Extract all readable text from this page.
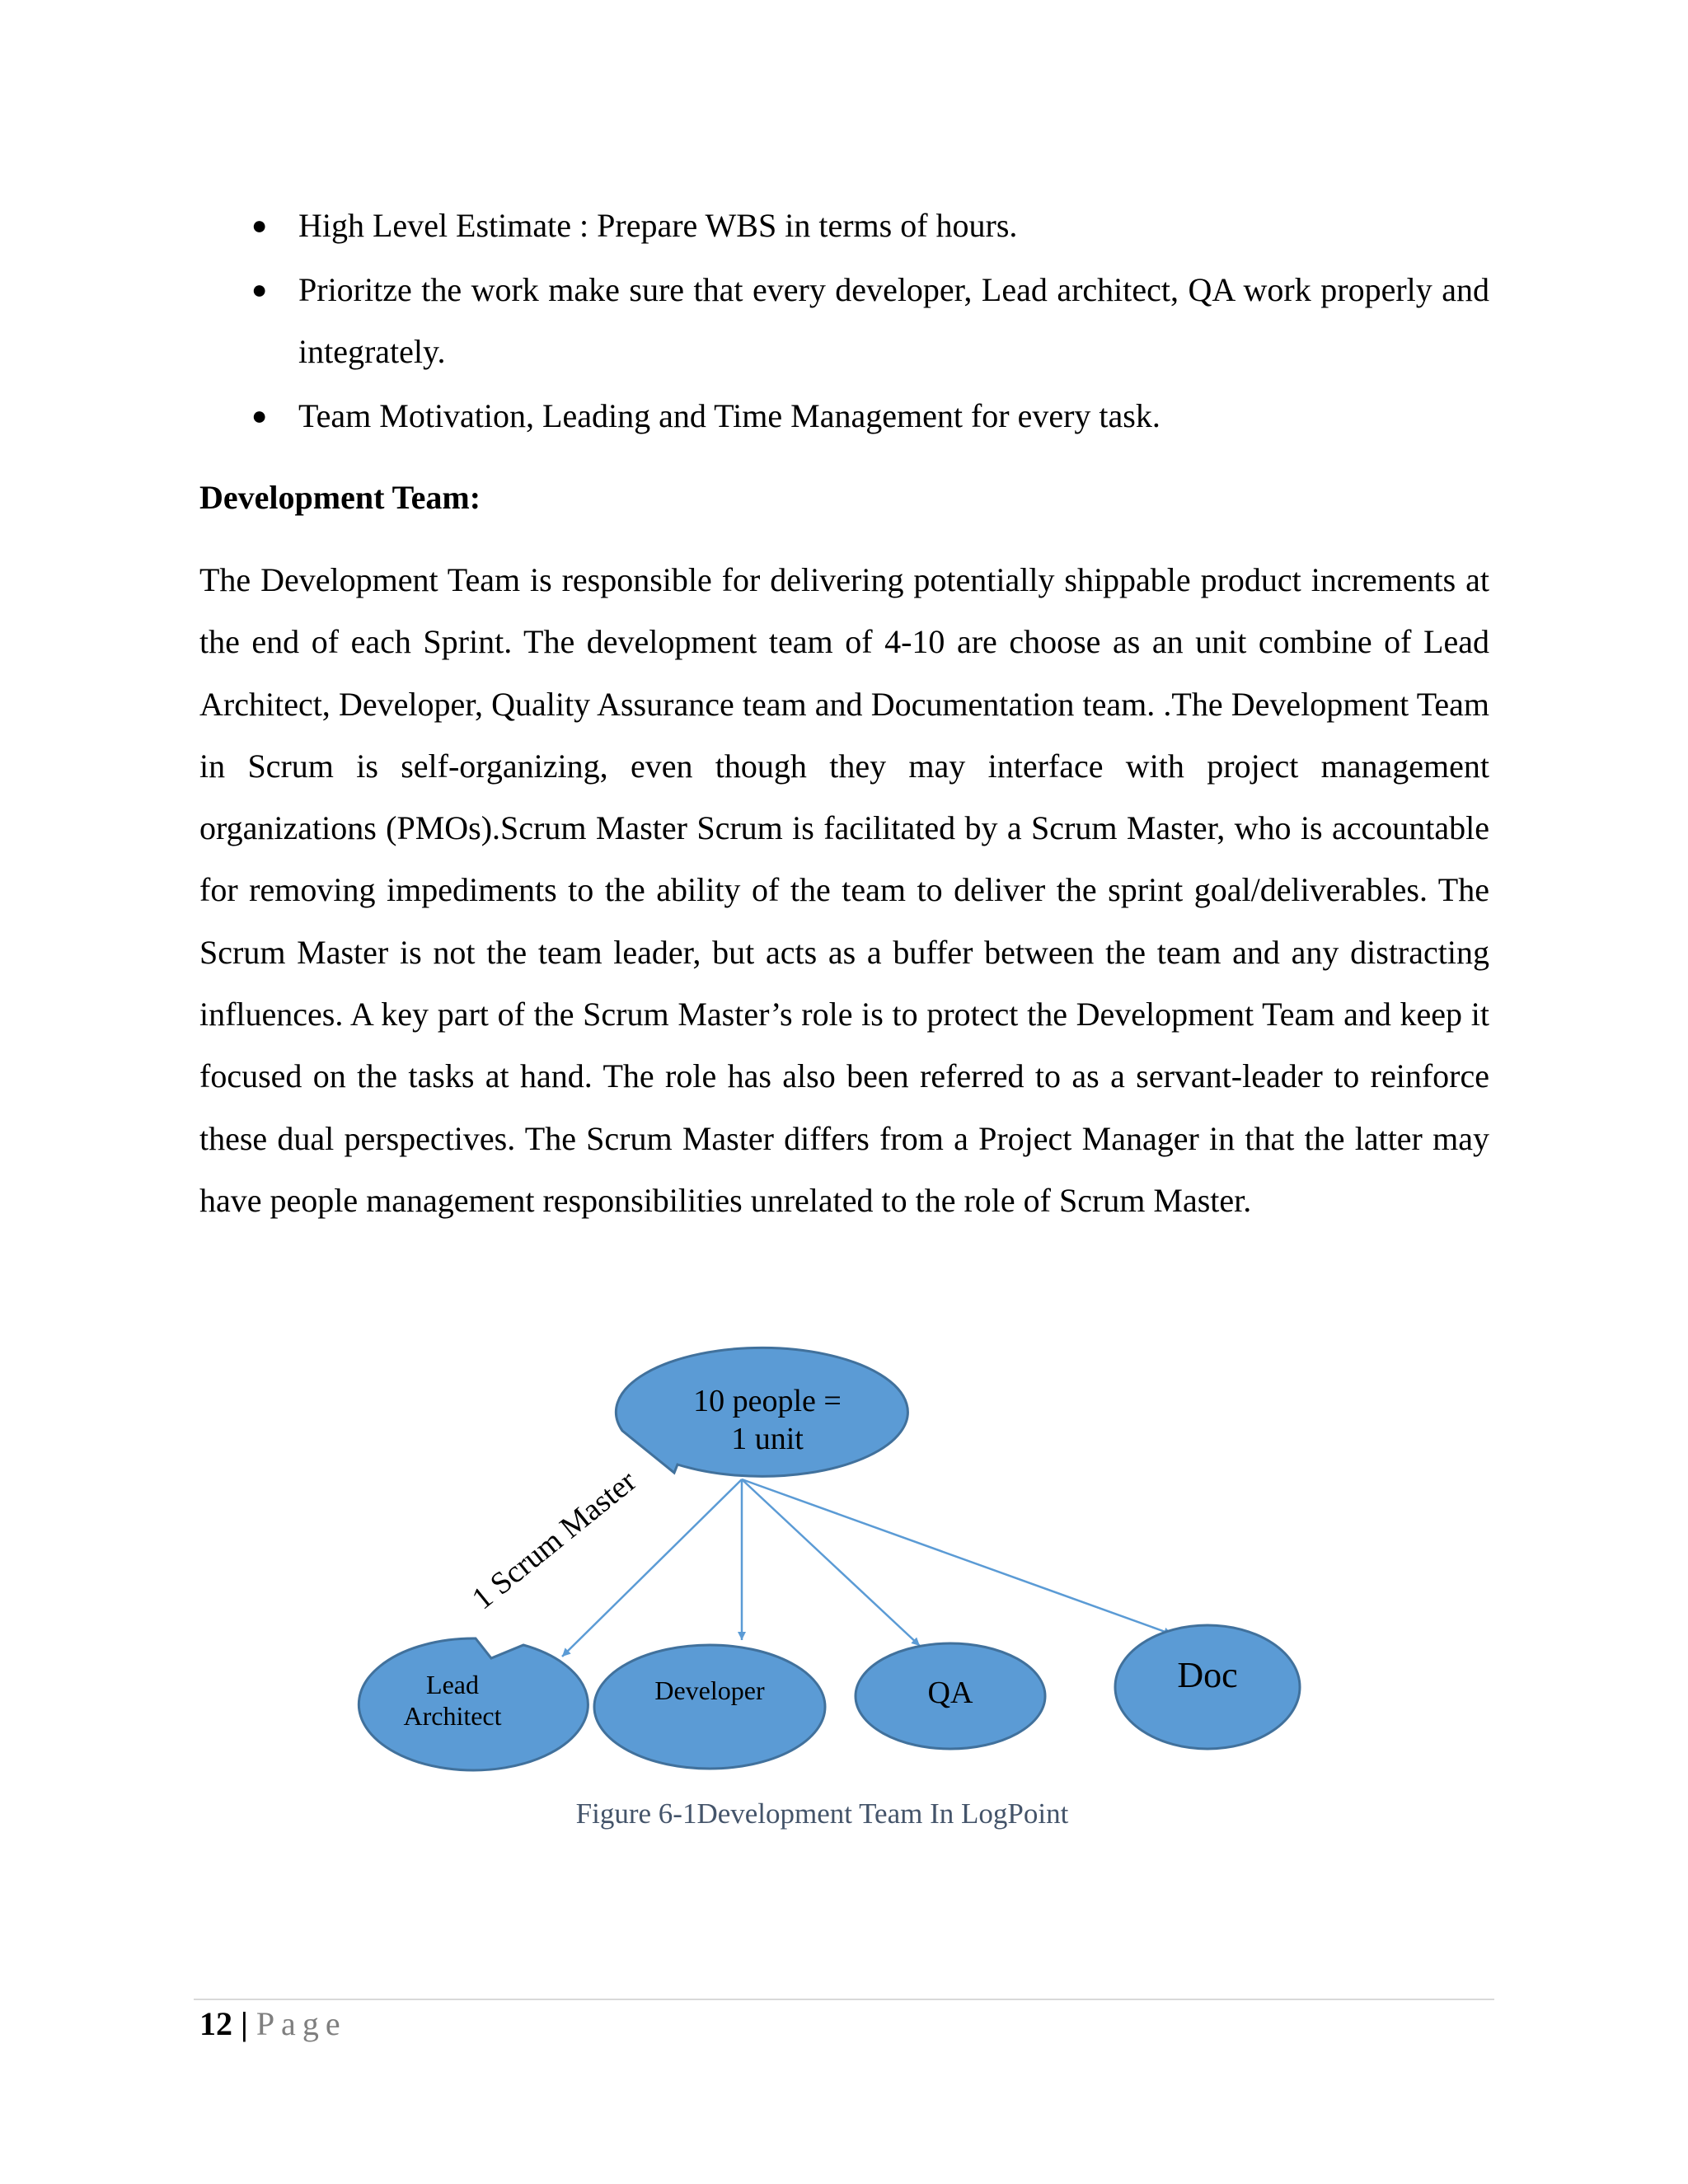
● High Level Estimate : Prepare WBS in terms of hours.
● Prioritze the work make sure that every developer, Lead architect, QA work properly and integrately.
● Team Motivation, Leading and Time Management for every task.

Development Team:

The Development Team is responsible for delivering potentially shippable product increments at the end of each Sprint. The development team of 4-10 are choose as an unit combine of Lead Architect, Developer, Quality Assurance team and Documentation team. .The Development Team in Scrum is self-organizing, even though they may interface with project management organizations (PMOs).Scrum Master Scrum is facilitated by a Scrum Master, who is accountable for removing impediments to the ability of the team to deliver the sprint goal/deliverables. The Scrum Master is not the team leader, but acts as a buffer between the team and any distracting influences. A key part of the Scrum Master’s role is to protect the Development Team and keep it focused on the tasks at hand. The role has also been referred to as a servant-leader to reinforce these dual perspectives. The Scrum Master differs from a Project Manager in that the latter may have people management responsibilities unrelated to the role of Scrum Master.

10 people =
1 unit
1 Scrum Master
Lead
Architect
Developer	QA	Doc

Figure 6-1Development Team In LogPoint

12 | Page
